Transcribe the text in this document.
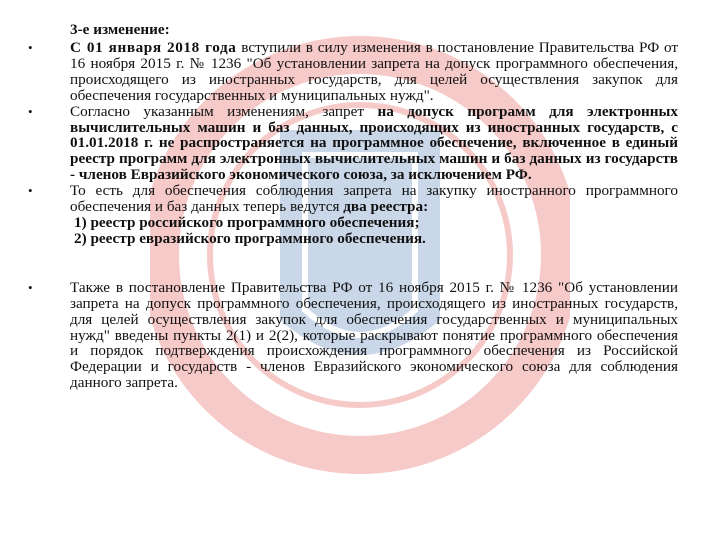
3-е изменение:
•	С 01 января 2018 года вступили в силу изменения в постановление Правительства РФ от 16 ноября 2015 г. № 1236 "Об установлении запрета на допуск программного обеспечения, происходящего из иностранных государств, для целей осуществления закупок для обеспечения государственных и муниципальных нужд".
•	Согласно указанным изменениям, запрет на допуск программ для электронных вычислительных машин и баз данных, происходящих из иностранных государств, с 01.01.2018 г. не распространяется на программное обеспечение, включенное в единый реестр программ для электронных вычислительных машин и баз данных из государств - членов Евразийского экономического союза, за исключением РФ.
•	То есть для обеспечения соблюдения запрета на закупку иностранного программного обеспечения и баз данных теперь ведутся два реестра:
1) реестр российского программного обеспечения;
2) реестр евразийского программного обеспечения.
•	Также в постановление Правительства РФ от 16 ноября 2015 г. № 1236 "Об установлении запрета на допуск программного обеспечения, происходящего из иностранных государств, для целей осуществления закупок для обеспечения государственных и муниципальных нужд" введены пункты 2(1) и 2(2), которые раскрывают понятие программного обеспечения и порядок подтверждения происхождения программного обеспечения из Российской Федерации и государств - членов Евразийского экономического союза для соблюдения данного запрета.
